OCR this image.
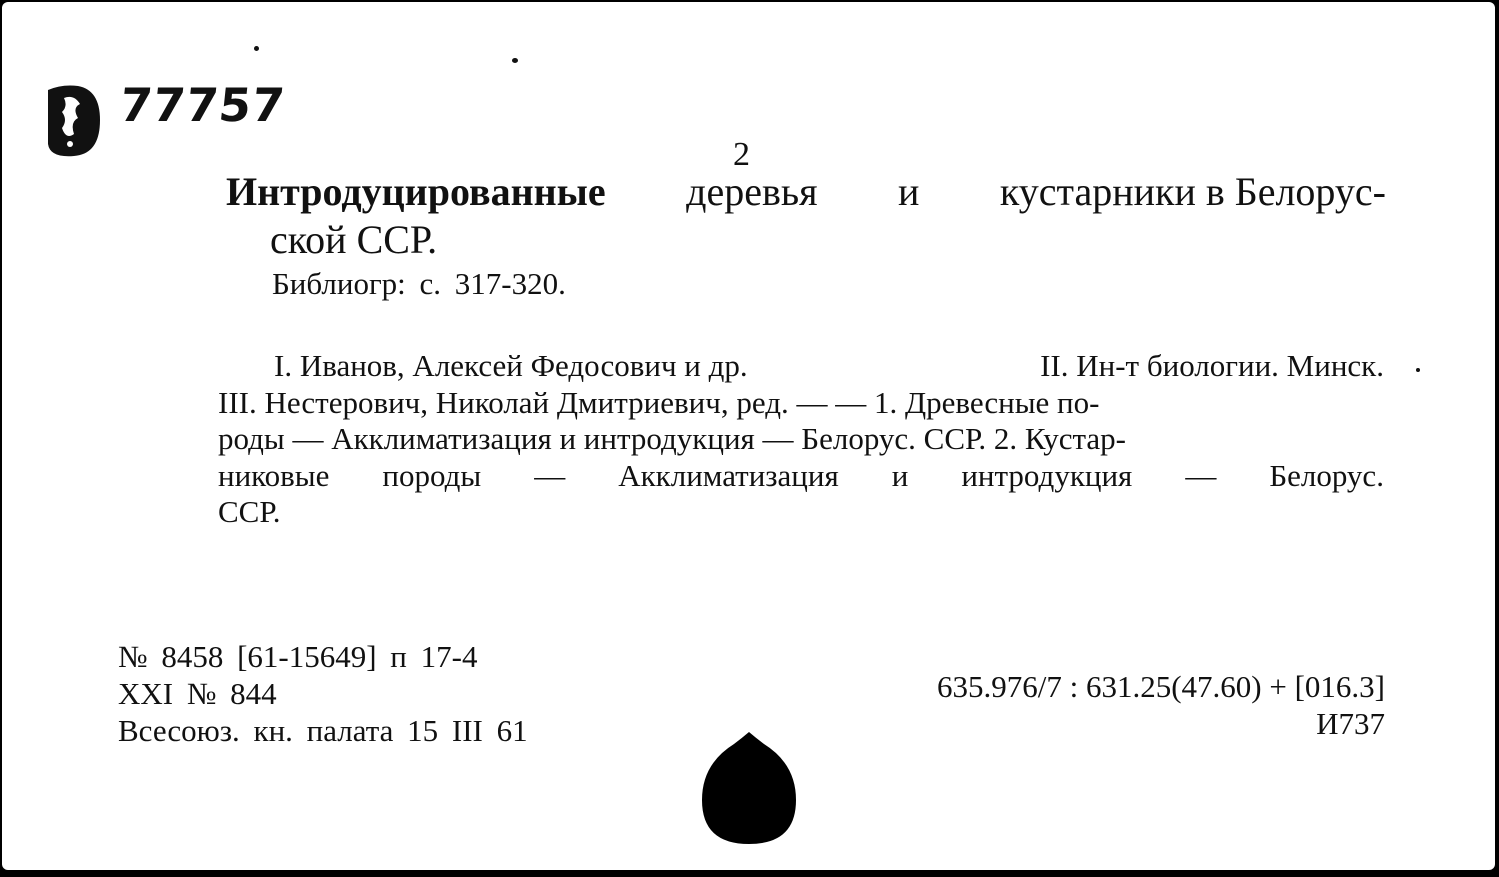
77757
2
Интродуцированные деревья и кустарники в Белорус-
ской ССР.
Библиогр: с. 317-320.
I. Иванов, Алексей Федосович и др.	II. Ин-т биологии. Минск.
III. Нестерович, Николай Дмитриевич, ред. — — 1. Древесные по-
роды — Акклиматизация и интродукция — Белорус. ССР. 2. Кустар-
никовые породы — Акклиматизация и интродукция — Белорус.
ССР.
№ 8458 [61-15649] п 17-4
XXI № 844
Всесоюз. кн. палата 15 III 61
635.976/7 : 631.25(47.60) + [016.3]
И737
